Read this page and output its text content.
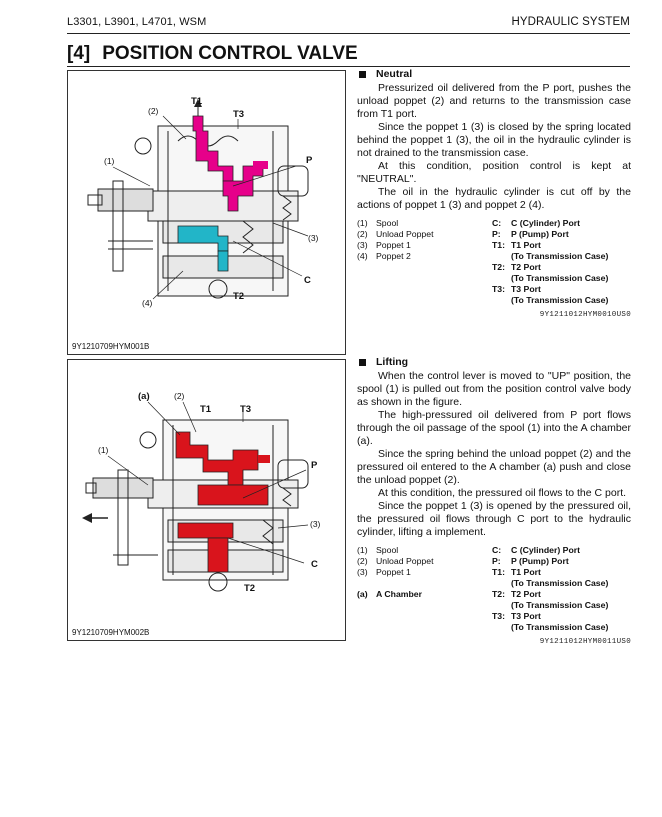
L3301, L3901, L4701, WSM	HYDRAULIC SYSTEM
[4] POSITION CONTROL VALVE
(2)
(1)
(3)
(4)
T1
T3
P
C
T2
9Y1210709HYM001B
(a)	(2)
(1)
(3)
T1	T3
P
C
T2
9Y1210709HYM002B
Neutral

Pressurized oil delivered from the P port, pushes the unload poppet (2) and returns to the transmission case from T1 port.

Since the poppet 1 (3) is closed by the spring located behind the poppet 1 (3), the oil in the hydraulic cylinder is not drained to the transmission case.

At this condition, position control is kept at "NEUTRAL".

The oil in the hydraulic cylinder is cut off by the actions of poppet 1 (3) and poppet 2 (4).

(1) Spool
(2) Unload Poppet
(3) Poppet 1
(4) Poppet 2
C:	C (Cylinder) Port
P:	P (Pump) Port
T1: T1 Port
(To Transmission Case)
T2: T2 Port
(To Transmission Case)
T3: T3 Port
(To Transmission Case)
9Y1211012HYM0010US0
Lifting

When the control lever is moved to "UP" position, the spool (1) is pulled out from the position control valve body as shown in the figure.

The high-pressured oil delivered from P port flows through the oil passage of the spool (1) into the A chamber (a).

Since the spring behind the unload poppet (2) and the pressured oil entered to the A chamber (a) push and close the unload poppet (2).

At this condition, the pressured oil flows to the C port.

Since the poppet 1 (3) is opened by the pressured oil, the pressured oil flows through C port to the hydraulic cylinder, lifting a implement.

(1) Spool
(2) Unload Poppet
(3) Poppet 1
(a) A Chamber
C:	C (Cylinder) Port
P:	P (Pump) Port
T1: T1 Port
(To Transmission Case)
T2: T2 Port
(To Transmission Case)
T3: T3 Port
(To Transmission Case)
9Y1211012HYM0011US0
